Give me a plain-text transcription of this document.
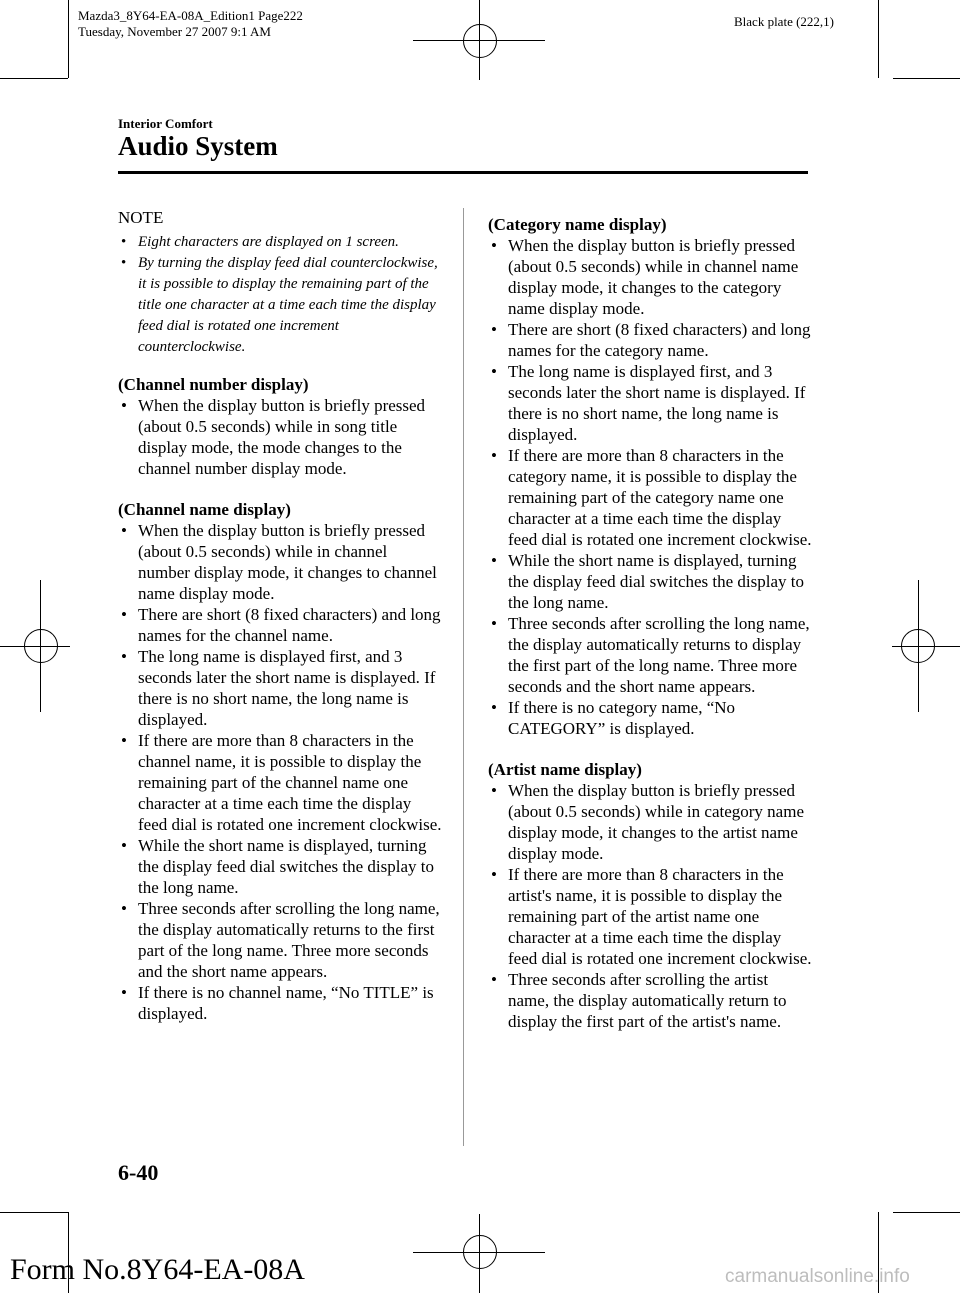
Mazda3_8Y64-EA-08A_Edition1 Page222
Tuesday, November 27 2007 9:1 AM
Black plate (222,1)
Interior Comfort
Audio System
NOTE
• Eight characters are displayed on 1 screen.
• By turning the display feed dial counterclockwise, it is possible to display the remaining part of the title one character at a time each time the display feed dial is rotated one increment counterclockwise.
(Channel number display)
• When the display button is briefly pressed (about 0.5 seconds) while in song title display mode, the mode changes to the channel number display mode.
(Channel name display)
• When the display button is briefly pressed (about 0.5 seconds) while in channel number display mode, it changes to channel name display mode.
• There are short (8 fixed characters) and long names for the channel name.
• The long name is displayed first, and 3 seconds later the short name is displayed. If there is no short name, the long name is displayed.
• If there are more than 8 characters in the channel name, it is possible to display the remaining part of the channel name one character at a time each time the display feed dial is rotated one increment clockwise.
• While the short name is displayed, turning the display feed dial switches the display to the long name.
• Three seconds after scrolling the long name, the display automatically returns to the first part of the long name. Three more seconds and the short name appears.
• If there is no channel name, “No TITLE” is displayed.
(Category name display)
• When the display button is briefly pressed (about 0.5 seconds) while in channel name display mode, it changes to the category name display mode.
• There are short (8 fixed characters) and long names for the category name.
• The long name is displayed first, and 3 seconds later the short name is displayed. If there is no short name, the long name is displayed.
• If there are more than 8 characters in the category name, it is possible to display the remaining part of the category name one character at a time each time the display feed dial is rotated one increment clockwise.
• While the short name is displayed, turning the display feed dial switches the display to the long name.
• Three seconds after scrolling the long name, the display automatically returns to display the first part of the long name. Three more seconds and the short name appears.
• If there is no category name, “No CATEGORY” is displayed.
(Artist name display)
• When the display button is briefly pressed (about 0.5 seconds) while in category name display mode, it changes to the artist name display mode.
• If there are more than 8 characters in the artist's name, it is possible to display the remaining part of the artist name one character at a time each time the display feed dial is rotated one increment clockwise.
• Three seconds after scrolling the artist name, the display automatically return to display the first part of the artist's name.
6-40
Form No.8Y64-EA-08A	carmanualsonline.info
